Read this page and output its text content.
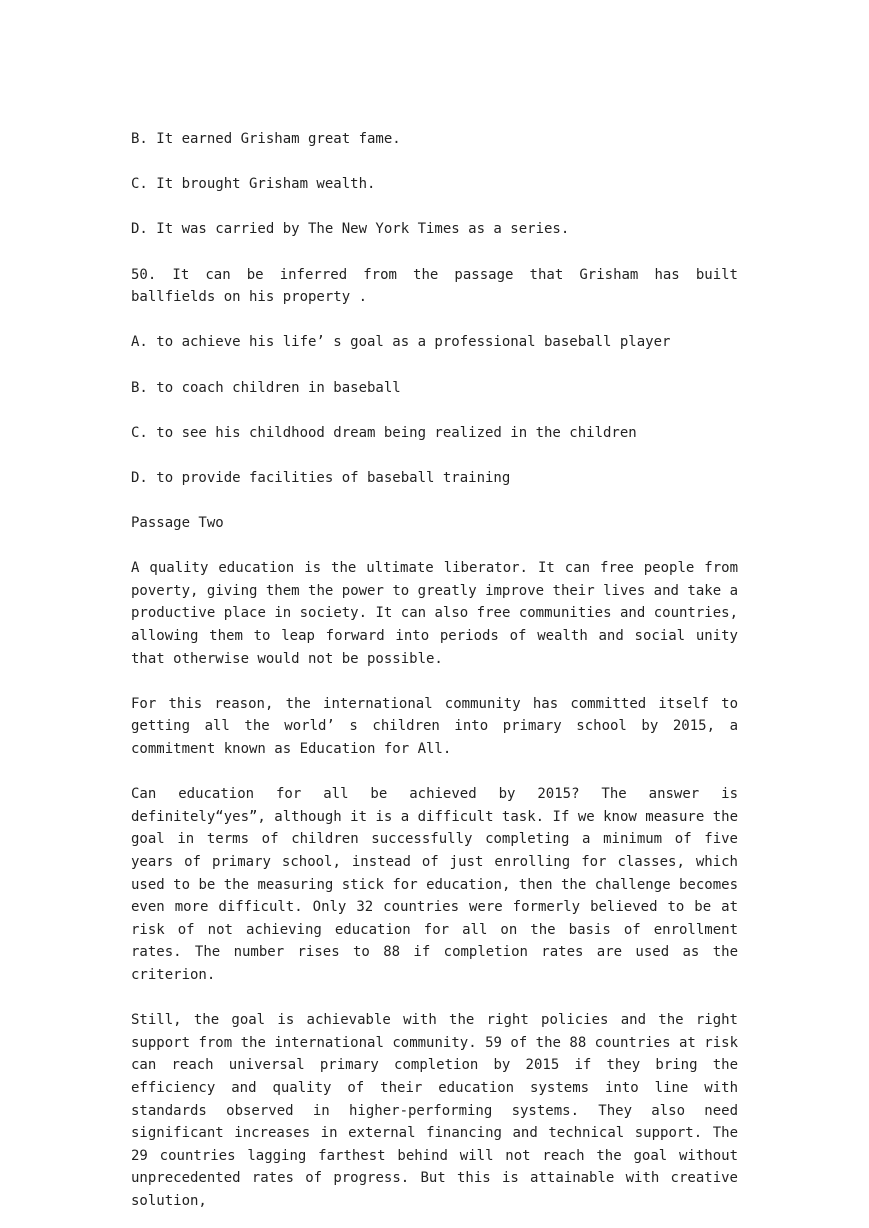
B. It earned Grisham great fame.

C. It brought Grisham wealth.

D. It was carried by The New York Times as a series.

50. It can be inferred from the passage that Grisham has built ballfields on his property .

A. to achieve his life’ s goal as a professional baseball player

B. to coach children in baseball

C. to see his childhood dream being realized in the children

D. to provide facilities of baseball training

Passage Two

A quality education is the ultimate liberator. It can free people from poverty, giving them the power to greatly improve their lives and take a productive place in society. It can also free communities and countries, allowing them to leap forward into periods of wealth and social unity that otherwise would not be possible.

For this reason, the international community has committed itself to getting all the world’ s children into primary school by 2015, a commitment known as Education for All.

Can education for all be achieved by 2015? The answer is definitely“yes”, although it is a difficult task. If we know measure the goal in terms of children successfully completing a minimum of five years of primary school, instead of just enrolling for classes, which used to be the measuring stick for education, then the challenge becomes even more difficult. Only 32 countries were formerly believed to be at risk of not achieving education for all on the basis of enrollment rates. The number rises to 88 if completion rates are used as the criterion.

Still, the goal is achievable with the right policies and the right support from the international community. 59 of the 88 countries at risk can reach universal primary completion by 2015 if they bring the efficiency and quality of their education systems into line with standards observed in higher-performing systems. They also need significant increases in external financing and technical support. The 29 countries lagging farthest behind will not reach the goal without unprecedented rates of progress. But this is attainable with creative solution,
